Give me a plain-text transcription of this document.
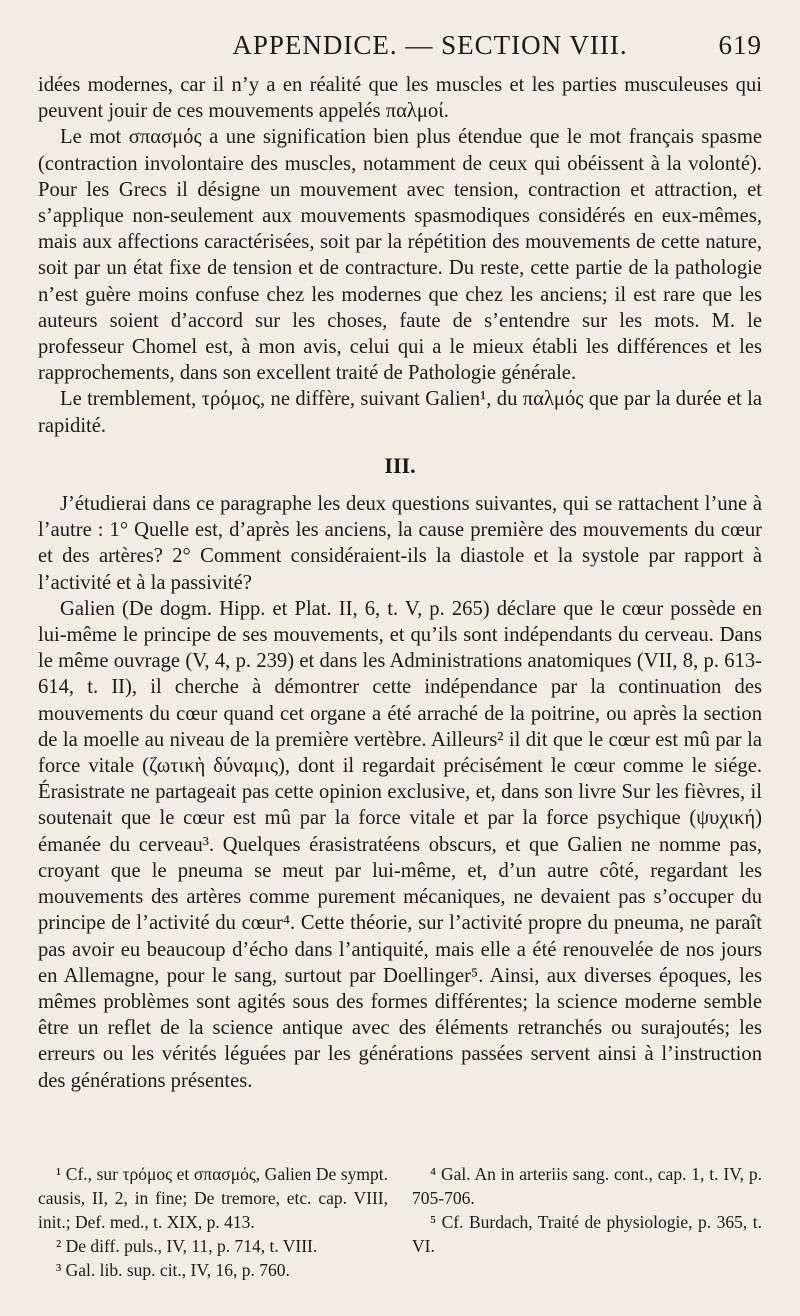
APPENDICE. — SECTION VIII.	619

idées modernes, car il n’y a en réalité que les muscles et les parties musculeuses qui peuvent jouir de ces mouvements appelés παλμοί.

Le mot σπασμός a une signification bien plus étendue que le mot français spasme (contraction involontaire des muscles, notamment de ceux qui obéissent à la volonté). Pour les Grecs il désigne un mouvement avec tension, contraction et attraction, et s’applique non-seulement aux mouvements spasmodiques considérés en eux-mêmes, mais aux affections caractérisées, soit par la répétition des mouvements de cette nature, soit par un état fixe de tension et de contracture. Du reste, cette partie de la pathologie n’est guère moins confuse chez les modernes que chez les anciens; il est rare que les auteurs soient d’accord sur les choses, faute de s’entendre sur les mots. M. le professeur Chomel est, à mon avis, celui qui a le mieux établi les différences et les rapprochements, dans son excellent traité de Pathologie générale.

Le tremblement, τρόμος, ne diffère, suivant Galien¹, du παλμός que par la durée et la rapidité.

III.

J’étudierai dans ce paragraphe les deux questions suivantes, qui se rattachent l’une à l’autre : 1° Quelle est, d’après les anciens, la cause première des mouvements du cœur et des artères? 2° Comment considéraient-ils la diastole et la systole par rapport à l’activité et à la passivité?

Galien (De dogm. Hipp. et Plat. II, 6, t. V, p. 265) déclare que le cœur possède en lui-même le principe de ses mouvements, et qu’ils sont indépendants du cerveau. Dans le même ouvrage (V, 4, p. 239) et dans les Administrations anatomiques (VII, 8, p. 613-614, t. II), il cherche à démontrer cette indépendance par la continuation des mouvements du cœur quand cet organe a été arraché de la poitrine, ou après la section de la moelle au niveau de la première vertèbre. Ailleurs² il dit que le cœur est mû par la force vitale (ζωτικὴ δύναμις), dont il regardait précisément le cœur comme le siége. Érasistrate ne partageait pas cette opinion exclusive, et, dans son livre Sur les fièvres, il soutenait que le cœur est mû par la force vitale et par la force psychique (ψυχική) émanée du cerveau³. Quelques érasistratéens obscurs, et que Galien ne nomme pas, croyant que le pneuma se meut par lui-même, et, d’un autre côté, regardant les mouvements des artères comme purement mécaniques, ne devaient pas s’occuper du principe de l’activité du cœur⁴. Cette théorie, sur l’activité propre du pneuma, ne paraît pas avoir eu beaucoup d’écho dans l’antiquité, mais elle a été renouvelée de nos jours en Allemagne, pour le sang, surtout par Doellinger⁵. Ainsi, aux diverses époques, les mêmes problèmes sont agités sous des formes différentes; la science moderne semble être un reflet de la science antique avec des éléments retranchés ou surajoutés; les erreurs ou les vérités léguées par les générations passées servent ainsi à l’instruction des générations présentes.

¹ Cf., sur τρόμος et σπασμός, Galien De sympt. causis, II, 2, in fine; De tremore, etc. cap. VIII, init.; Def. med., t. XIX, p. 413.

² De diff. puls., IV, 11, p. 714, t. VIII.

³ Gal. lib. sup. cit., IV, 16, p. 760.

⁴ Gal. An in arteriis sang. cont., cap. 1, t. IV, p. 705-706.

⁵ Cf. Burdach, Traité de physiologie, p. 365, t. VI.
